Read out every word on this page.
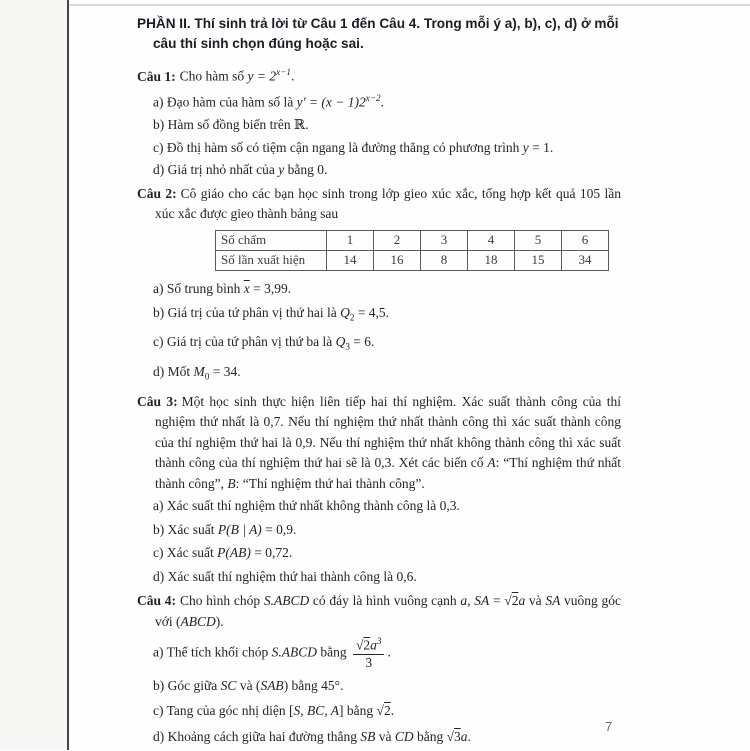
PHẦN II. Thí sinh trả lời từ Câu 1 đến Câu 4. Trong mỗi ý a), b), c), d) ở mỗi câu thí sinh chọn đúng hoặc sai.
Câu 1: Cho hàm số $y = 2^{x-1}$.
a) Đạo hàm của hàm số là $y' = (x - 1)2^{x-2}$.
b) Hàm số đồng biến trên ℝ.
c) Đồ thị hàm số có tiệm cận ngang là đường thẳng có phương trình y = 1.
d) Giá trị nhỏ nhất của y bằng 0.
Câu 2: Cô giáo cho các bạn học sinh trong lớp gieo xúc xắc, tổng hợp kết quả 105 lần xúc xắc được gieo thành bảng sau
Số chấm	1	2	3	4	5	6
Số lần xuất hiện	14	16	8	18	15	34
a) Số trung bình $\overline{x} = 3,99$.
b) Giá trị của tứ phân vị thứ hai là $Q_2 = 4,5$.
c) Giá trị của tứ phân vị thứ ba là $Q_3 = 6$.
d) Mốt $M_0 = 34$.
Câu 3: Một học sinh thực hiện liên tiếp hai thí nghiệm. Xác suất thành công của thí nghiệm thứ nhất là 0,7. Nếu thí nghiệm thứ nhất thành công thì xác suất thành công của thí nghiệm thứ hai là 0,9. Nếu thí nghiệm thứ nhất không thành công thì xác suất thành công của thí nghiệm thứ hai sẽ là 0,3. Xét các biến cố A: “Thí nghiệm thứ nhất thành công”, B: “Thí nghiệm thứ hai thành công”.
a) Xác suất thí nghiệm thứ nhất không thành công là 0,3.
b) Xác suất P(B | A) = 0,9.
c) Xác suất P(AB) = 0,72.
d) Xác suất thí nghiệm thứ hai thành công là 0,6.
Câu 4: Cho hình chóp S.ABCD có đáy là hình vuông cạnh a, SA = √2a và SA vuông góc với (ABCD).
a) Thể tích khối chóp S.ABCD bằng $\frac{√2a^3}{3}$ .
b) Góc giữa SC và (SAB) bằng 45°.
c) Tang của góc nhị diện [S, BC, A] bằng √2.
d) Khoảng cách giữa hai đường thẳng SB và CD bằng √3a.
7
